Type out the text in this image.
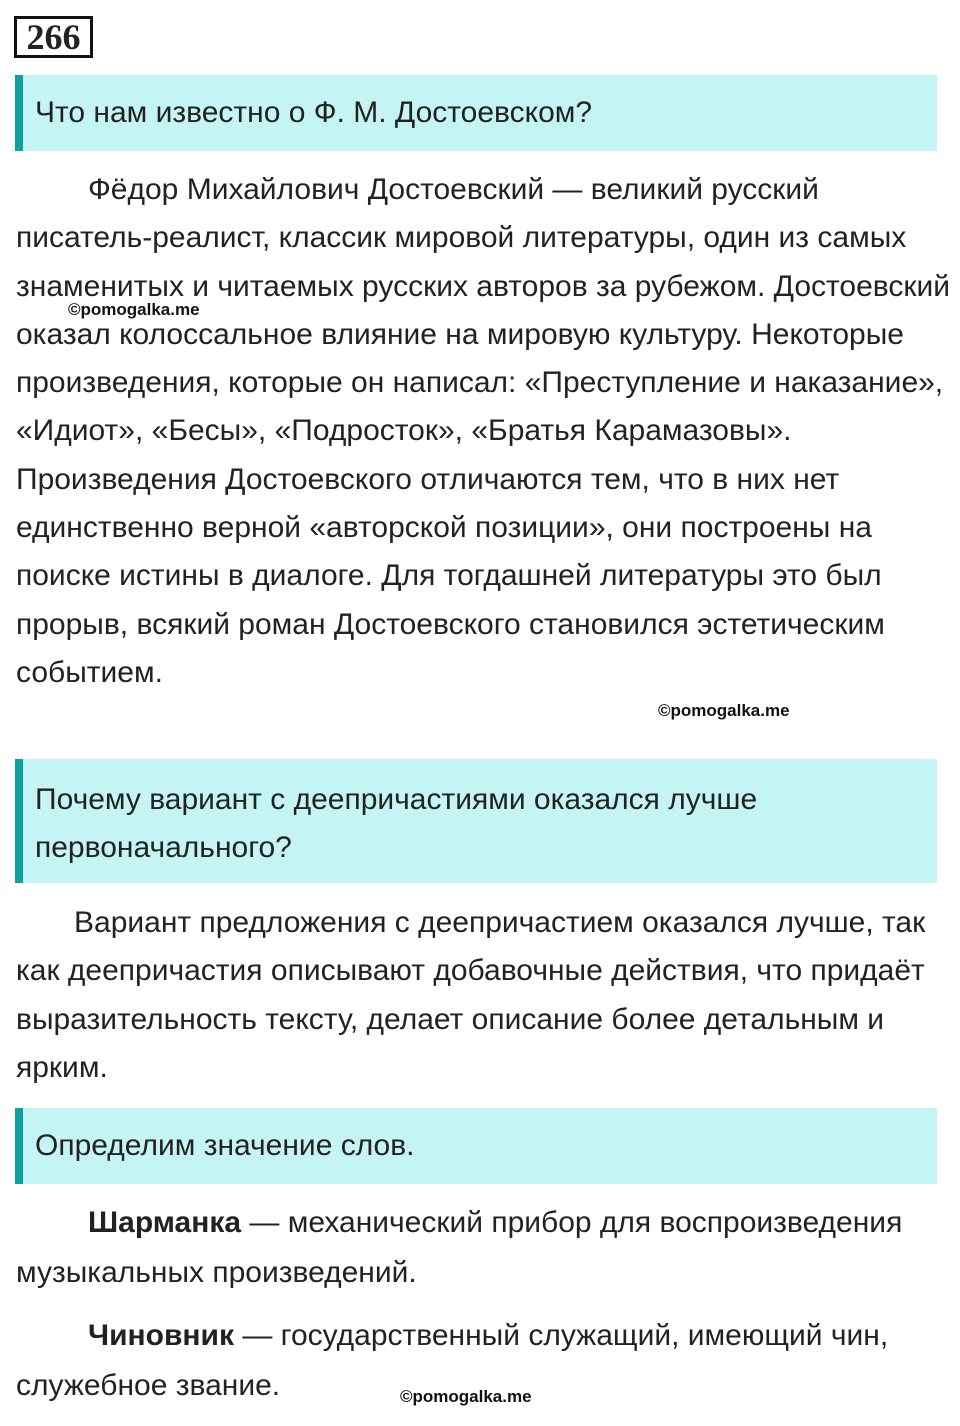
266
Что нам известно о Ф. М. Достоевском?

Фёдор Михайлович Достоевский — великий русский писатель-реалист, классик мировой литературы, один из самых знаменитых и читаемых русских авторов за рубежом. Достоевский оказал колоссальное влияние на мировую культуру. Некоторые произведения, которые он написал: «Преступление и наказание», «Идиот», «Бесы», «Подросток», «Братья Карамазовы». Произведения Достоевского отличаются тем, что в них нет единственно верной «авторской позиции», они построены на поиске истины в диалоге. Для тогдашней литературы это был прорыв, всякий роман Достоевского становился эстетическим событием.

©pomogalka.me
©pomogalka.me
Почему вариант с деепричастиями оказался лучше первоначального?

Вариант предложения с деепричастием оказался лучше, так как деепричастия описывают добавочные действия, что придаёт выразительность тексту, делает описание более детальным и ярким.

Определим значение слов.

Шарманка — механический прибор для воспроизведения музыкальных произведений.

Чиновник — государственный служащий, имеющий чин, служебное звание.	©pomogalka.me
